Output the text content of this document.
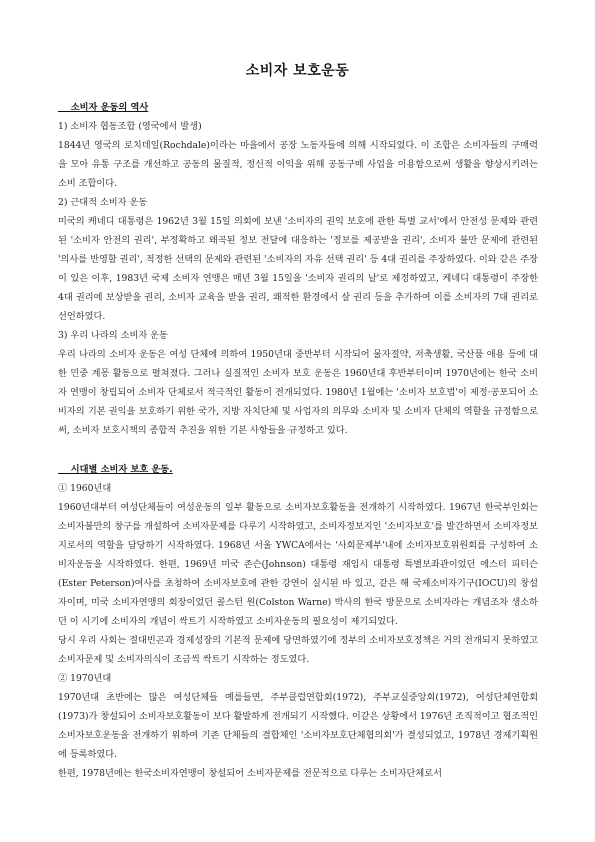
소비자 보호운동

소비자 운동의 역사

1) 소비자 협동조합 (영국에서 발생)

1844년 영국의 로치데일(Rochdale)이라는 마을에서 공장 노동자들에 의해 시작되었다. 이 조합은 소비자들의 구매력을 모아 유통 구조를 개선하고 공동의 물질적, 정신적 이익을 위해 공동구매 사업을 이용함으로써 생활을 향상시키려는 소비 조합이다.

2) 근대적 소비자 운동

미국의 케네디 대통령은 1962년 3월 15일 의회에 보낸 '소비자의 권익 보호에 관한 특별 교서'에서 안전성 문제와 관련된 '소비자 안전의 권리', 부정확하고 왜곡된 정보 전달에 대응하는 '정보를 제공받을 권리', 소비자 불만 문제에 관련된 '의사를 반영할 권리', 적정한 선택의 문제와 관련된 '소비자의 자유 선택 권리' 등 4대 권리를 주장하였다. 이와 같은 주장이 있은 이후, 1983년 국제 소비자 연맹은 매년 3월 15일을 '소비자 권리의 날'로 제정하였고, 케네디 대통령이 주장한 4대 권리에 보상받을 권리, 소비자 교육을 받을 권리, 쾌적한 환경에서 살 권리 등을 추가하여 이를 소비자의 7대 권리로 선언하였다.

3) 우리 나라의 소비자 운동

우리 나라의 소비자 운동은 여성 단체에 의하여 1950년대 중반부터 시작되어 물자절약, 저축생활, 국산품 애용 등에 대한 민중 계몽 활동으로 펼쳐졌다. 그러나 실질적인 소비자 보호 운동은 1960년대 후반부터이며 1970년에는 한국 소비자 연맹이 창립되어 소비자 단체로서 적극적인 활동이 전개되었다. 1980년 1월에는 '소비자 보호법'이 제정·공포되어 소비자의 기본 권익을 보호하기 위한 국가, 지방 자치단체 및 사업자의 의무와 소비자 및 소비자 단체의 역할을 규정함으로써, 소비자 보호시책의 종합적 추진을 위한 기본 사항들을 규정하고 있다.

시대별 소비자 보호 운동.

① 1960년대

1960년대부터 여성단체들이 여성운동의 일부 활동으로 소비자보호활동을 전개하기 시작하였다. 1967년 한국부인회는 소비자불만의 창구를 개설하여 소비자문제를 다루기 시작하였고, 소비자정보지인 '소비자보호'를 발간하면서 소비자정보지로서의 역할을 담당하기 시작하였다. 1968년 서울 YWCA에서는 '사회문제부'내에 소비자보호위원회를 구성하여 소비자운동을 시작하였다. 한편, 1969년 미국 존슨(Johnson) 대통령 재임시 대통령 특별보좌관이었던 에스터 피터슨(Ester Peterson)여사를 초청하여 소비자보호에 관한 강연이 실시된 바 있고, 같은 해 국제소비자기구(IOCU)의 창설자이며, 미국 소비자연맹의 회장이었던 콜스턴 원(Colston Warne) 박사의 한국 방문으로 소비자라는 개념조차 생소하던 이 시기에 소비자의 개념이 싹트기 시작하였고 소비자운동의 필요성이 제기되었다.

당시 우리 사회는 절대빈곤과 경제성장의 기본적 문제에 당면하였기에 정부의 소비자보호정책은 거의 전개되지 못하였고 소비자문제 및 소비자의식이 조금씩 싹트기 시작하는 정도였다.

② 1970년대

1970년대 초반에는 많은 여성단체들 예를들면, 주부클럽연합회(1972), 주부교실중앙회(1972), 여성단체연합회(1973)가 창설되어 소비자보호활동이 보다 활발하게 전개되기 시작했다. 이같은 상황에서 1976년 조직적이고 협조적인 소비자보호운동을 전개하기 위하여 기존 단체들의 결합체인 '소비자보호단체협의회'가 결성되었고, 1978년 경제기획원에 등록하였다.

한편, 1978년에는 한국소비자연맹이 창설되어 소비자문제를 전문적으로 다루는 소비자단체로서
